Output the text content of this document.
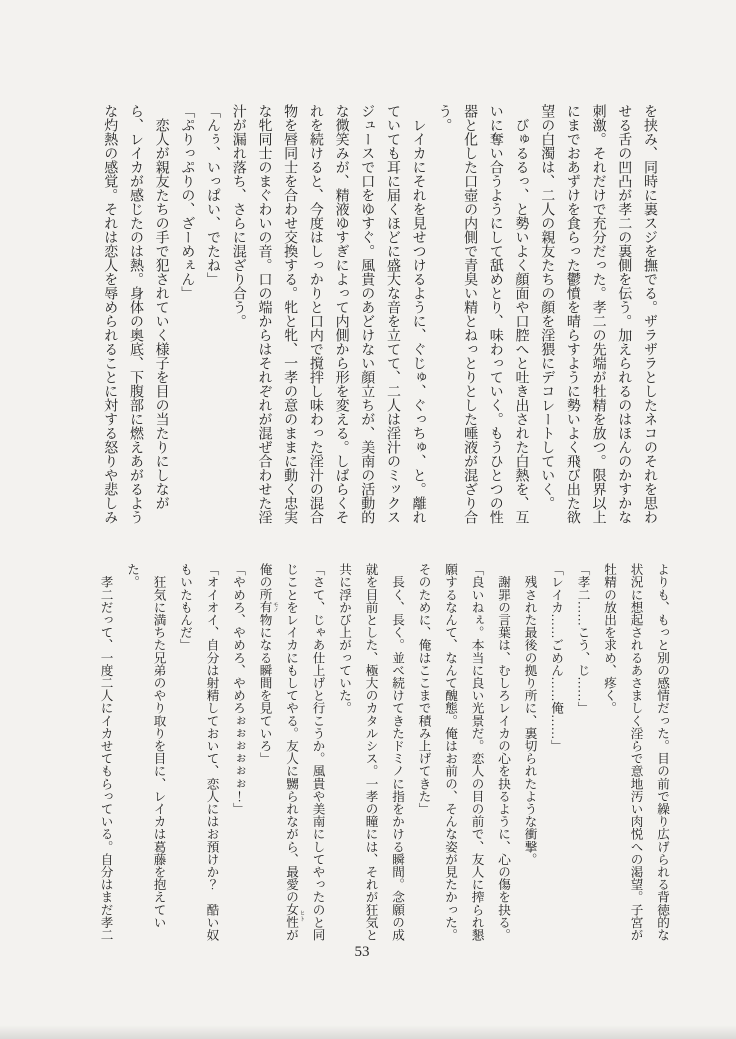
を挟み、同時に裏スジを撫でる。ザラザラとしたネコのそれを思わ
せる舌の凹凸が孝二の裏側を伝う。加えられるのはほんのかすかな
刺激。それだけで充分だった。孝二の先端が牡精を放つ。限界以上
にまでおあずけを食らった鬱憤を晴らすように勢いよく飛び出た欲
望の白濁は、二人の親友たちの顔を淫猥にデコレートしていく。
　びゅるるっ、と勢いよく顔面や口腔へと吐き出された白熱を、互
いに奪い合うようにして舐めとり、味わっていく。もうひとつの性
器と化した口壺の内側で青臭い精とねっとりとした唾液が混ざり合
う。
　レイカにそれを見せつけるように、ぐじゅ、ぐっちゅ、と。離れ
ていても耳に届くほどに盛大な音を立てて、二人は淫汁のミックス
ジュースで口をゆすぐ。風貴のあどけない顔立ちが、美南の活動的
な微笑みが、精液ゆすぎによって内側から形を変える。しばらくそ
れを続けると、今度はしっかりと口内で撹拌し味わった淫汁の混合
物を唇同士を合わせ交換する。牝と牝、一孝の意のままに動く忠実
な牝同士のまぐわいの音。口の端からはそれぞれが混ぜ合わせた淫
汁が漏れ落ち、さらに混ざり合う。
「んぅ、いっぱい、でたね」
「ぷりっぷりの、ざーめぇん」
　恋人が親友たちの手で犯されていく様子を目の当たりにしなが
ら、レイカが感じたのは熱。身体の奥底、下腹部に燃えあがるよう
な灼熱の感覚。それは恋人を辱められることに対する怒りや悲しみ
よりも、もっと別の感情だった。目の前で繰り広げられる背徳的な
状況に想起されるあさましく淫らで意地汚い肉悦への渇望。子宮が
牡精の放出を求め、疼く。
「孝二……こう、じ……」
「レイカ……ごめん……俺……」
　残された最後の拠り所に、裏切られたような衝撃。
　謝罪の言葉は、むしろレイカの心を抉るように、心の傷を抉る。
「良いねぇ。本当に良い光景だ。恋人の目の前で、友人に搾られ懇
願するなんて、なんて醜態。俺はお前の、そんな姿が見たかった。
そのために、俺はここまで積み上げてきた」
　長く、長く。並べ続けてきたドミノに指をかける瞬間。念願の成
就を目前とした、極大のカタルシス。一孝の瞳には、それが狂気と
共に浮かび上がっていた。
「さて、じゃあ仕上げと行こうか。風貴や美南にしてやったのと同
じことをレイカにもしてやる。友人に嬲られながら、最愛の女性 ヒトが
俺の所有物 モノになる瞬間を見ていろ」
「やめろ、やめろ、やめろぉぉぉぉぉぉ！」
「オイオイ、自分は射精しておいて、恋人にはお預けか？　酷い奴
もいたもんだ」
　狂気に満ちた兄弟のやり取りを目に、レイカは葛藤を抱えてい
た。
　孝二だって、一度二人にイカせてもらっている。自分はまだ孝二
53
